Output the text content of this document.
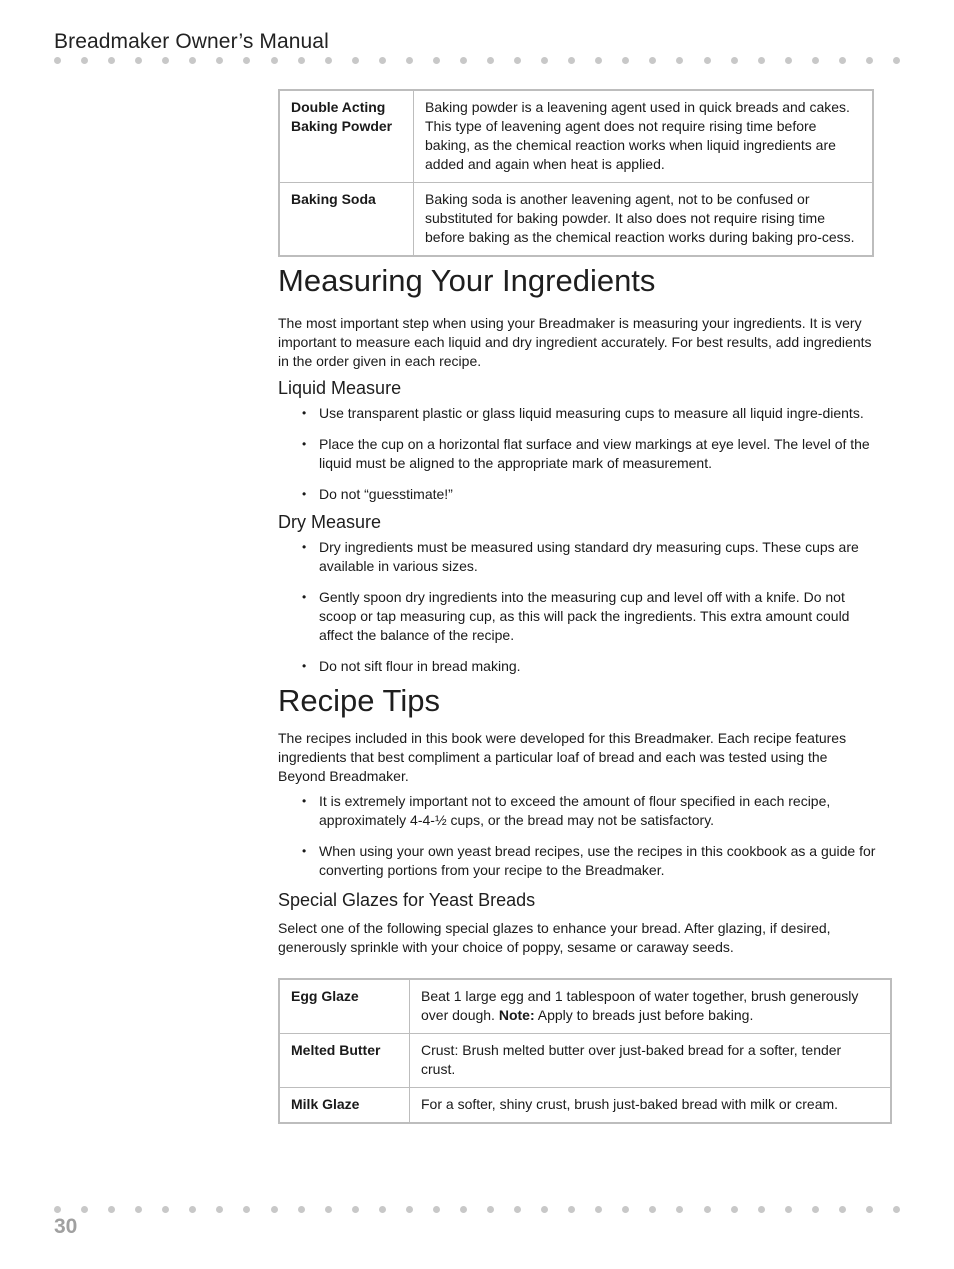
Breadmaker Owner’s Manual
Double Acting Baking Powder	Baking powder is a leavening agent used in quick breads and cakes. This type of leavening agent does not require rising time before baking, as the chemical reaction works when liquid ingredients are added and again when heat is applied.
Baking Soda	Baking soda is another leavening agent, not to be confused or substituted for baking powder. It also does not require rising time before baking as the chemical reaction works during baking pro-cess.
Measuring Your Ingredients

The most important step when using your Breadmaker is measuring your ingredients. It is very important to measure each liquid and dry ingredient accurately. For best results, add ingredients in the order given in each recipe.

Liquid Measure
• Use transparent plastic or glass liquid measuring cups to measure all liquid ingre-dients.
• Place the cup on a horizontal flat surface and view markings at eye level. The level of the liquid must be aligned to the appropriate mark of measurement.
• Do not “guesstimate!”
Dry Measure
• Dry ingredients must be measured using standard dry measuring cups. These cups are available in various sizes.
• Gently spoon dry ingredients into the measuring cup and level off with a knife. Do not scoop or tap measuring cup, as this will pack the ingredients. This extra amount could affect the balance of the recipe.
• Do not sift flour in bread making.
Recipe Tips

The recipes included in this book were developed for this Breadmaker. Each recipe features ingredients that best compliment a particular loaf of bread and each was tested using the Beyond Breadmaker.

• It is extremely important not to exceed the amount of flour specified in each recipe, approximately 4-4-½ cups, or the bread may not be satisfactory.
• When using your own yeast bread recipes, use the recipes in this cookbook as a guide for converting portions from your recipe to the Breadmaker.
Special Glazes for Yeast Breads

Select one of the following special glazes to enhance your bread. After glazing, if desired, generously sprinkle with your choice of poppy, sesame or caraway seeds.

Egg Glaze	Beat 1 large egg and 1 tablespoon of water together, brush generously over dough. Note: Apply to breads just before baking.
Melted Butter	Crust: Brush melted butter over just-baked bread for a softer, tender crust.
Milk Glaze	For a softer, shiny crust, brush just-baked bread with milk or cream.
30
